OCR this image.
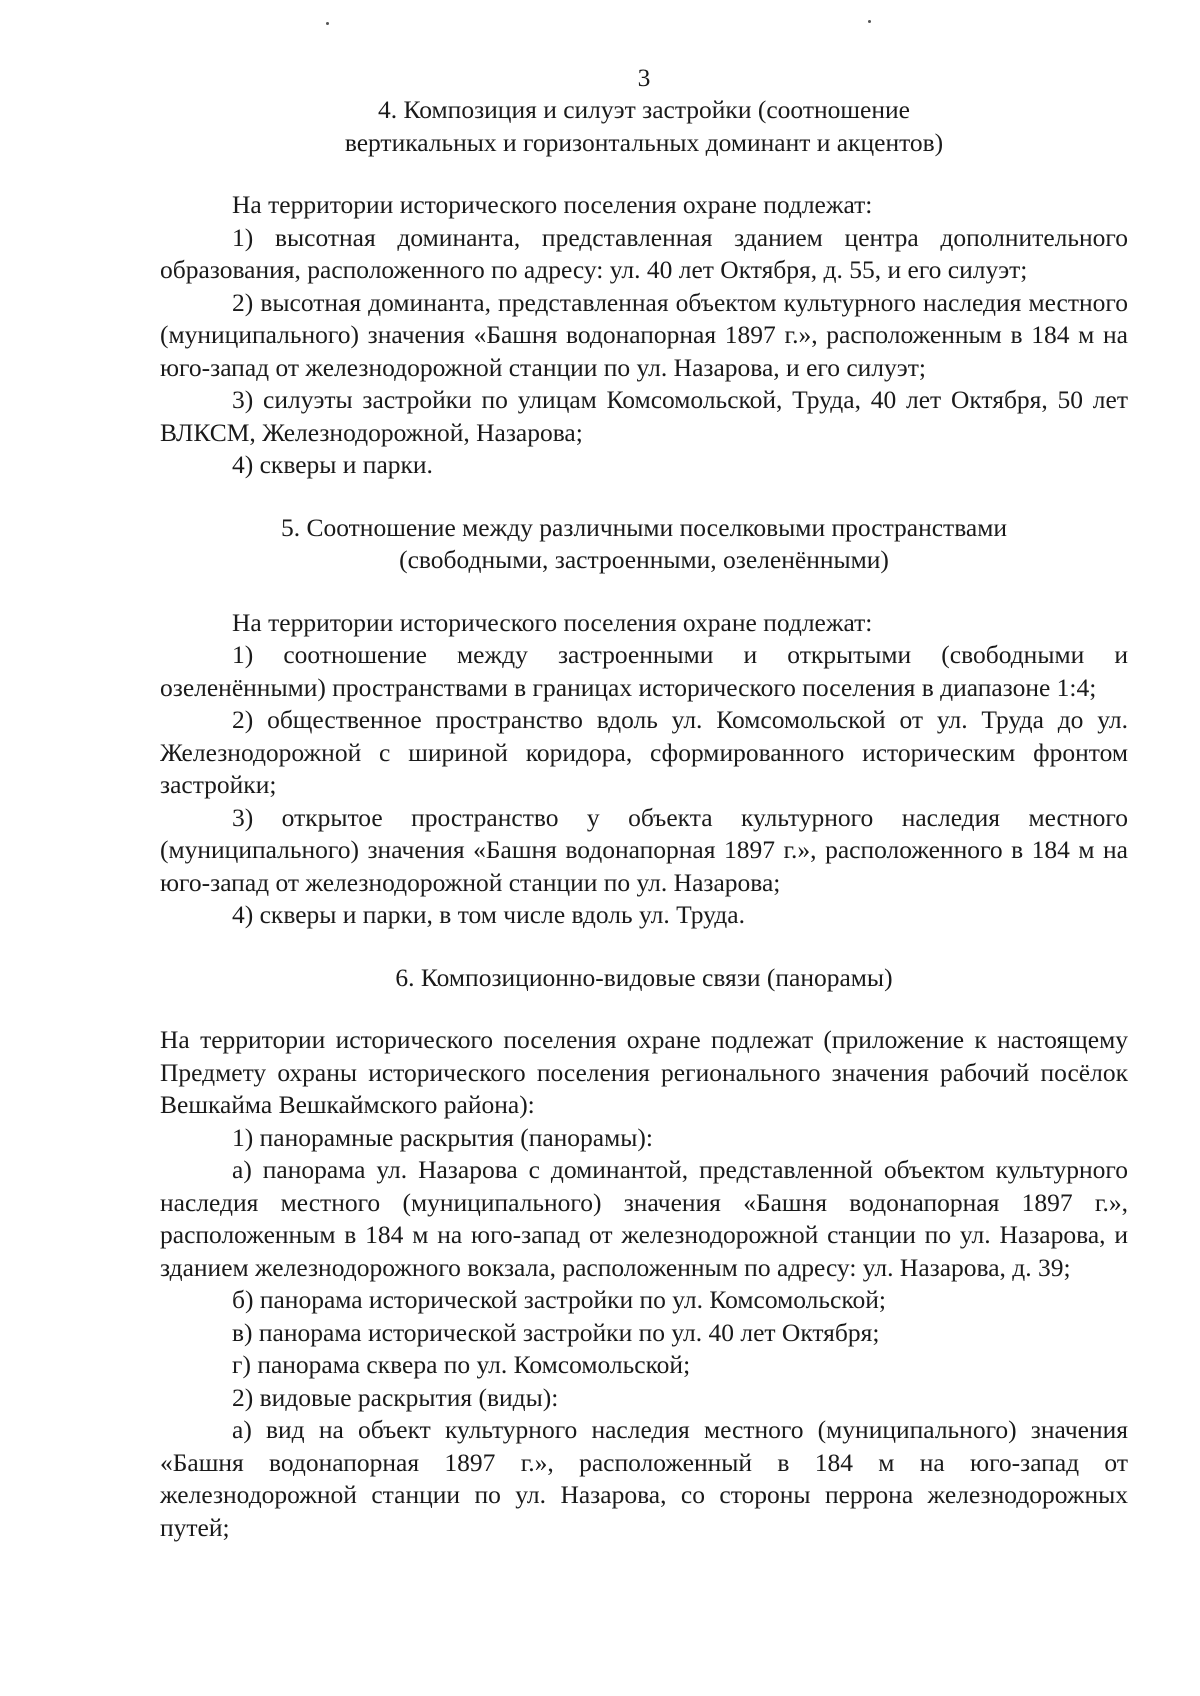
3
4. Композиция и силуэт застройки (соотношение
вертикальных и горизонтальных доминант и акцентов)

На территории исторического поселения охране подлежат:

1) высотная доминанта, представленная зданием центра дополнительного образования, расположенного по адресу: ул. 40 лет Октября, д. 55, и его силуэт;

2) высотная доминанта, представленная объектом культурного наследия местного (муниципального) значения «Башня водонапорная 1897 г.», расположенным в 184 м на юго-запад от железнодорожной станции по ул. Назарова, и его силуэт;

3) силуэты застройки по улицам Комсомольской, Труда, 40 лет Октября, 50 лет ВЛКСМ, Железнодорожной, Назарова;

4) скверы и парки.

5. Соотношение между различными поселковыми пространствами
(свободными, застроенными, озеленёнными)

На территории исторического поселения охране подлежат:

1) соотношение между застроенными и открытыми (свободными и озеленёнными) пространствами в границах исторического поселения в диапазоне 1:4;

2) общественное пространство вдоль ул. Комсомольской от ул. Труда до ул. Железнодорожной с шириной коридора, сформированного историческим фронтом застройки;

3) открытое пространство у объекта культурного наследия местного (муниципального) значения «Башня водонапорная 1897 г.», расположенного в 184 м на юго-запад от железнодорожной станции по ул. Назарова;

4) скверы и парки, в том числе вдоль ул. Труда.

6. Композиционно-видовые связи (панорамы)

На территории исторического поселения охране подлежат (приложение к настоящему Предмету охраны исторического поселения регионального значения рабочий посёлок Вешкайма Вешкаймского района):

1) панорамные раскрытия (панорамы):

а) панорама ул. Назарова с доминантой, представленной объектом культурного наследия местного (муниципального) значения «Башня водонапорная 1897 г.», расположенным в 184 м на юго-запад от железнодорожной станции по ул. Назарова, и зданием железнодорожного вокзала, расположенным по адресу: ул. Назарова, д. 39;

б) панорама исторической застройки по ул. Комсомольской;

в) панорама исторической застройки по ул. 40 лет Октября;

г) панорама сквера по ул. Комсомольской;

2) видовые раскрытия (виды):

а) вид на объект культурного наследия местного (муниципального) значения «Башня водонапорная 1897 г.», расположенный в 184 м на юго-запад от железнодорожной станции по ул. Назарова, со стороны перрона железнодорожных путей;
